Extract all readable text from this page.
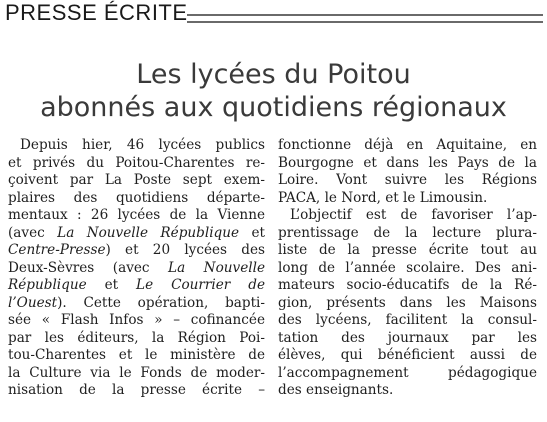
PRESSE ÉCRITE
Les lycées du Poitou
abonnés aux quotidiens régionaux
Depuis hier, 46 lycées publics
et privés du Poitou-Charentes re-
çoivent par La Poste sept exem-
plaires des quotidiens départe-
mentaux : 26 lycées de la Vienne
(avec La Nouvelle République et
Centre-Presse) et 20 lycées des
Deux-Sèvres (avec La Nouvelle
République et Le Courrier de
l’Ouest). Cette opération, bapti-
sée « Flash Infos » – cofinancée
par les éditeurs, la Région Poi-
tou-Charentes et le ministère de
la Culture via le Fonds de moder-
nisation de la presse écrite –
fonctionne déjà en Aquitaine, en
Bourgogne et dans les Pays de la
Loire. Vont suivre les Régions
PACA, le Nord, et le Limousin.
L’objectif est de favoriser l’ap-
prentissage de la lecture plura-
liste de la presse écrite tout au
long de l’année scolaire. Des ani-
mateurs socio-éducatifs de la Ré-
gion, présents dans les Maisons
des lycéens, facilitent la consul-
tation des journaux par les
élèves, qui bénéficient aussi de
l’accompagnement pédagogique
des enseignants.
